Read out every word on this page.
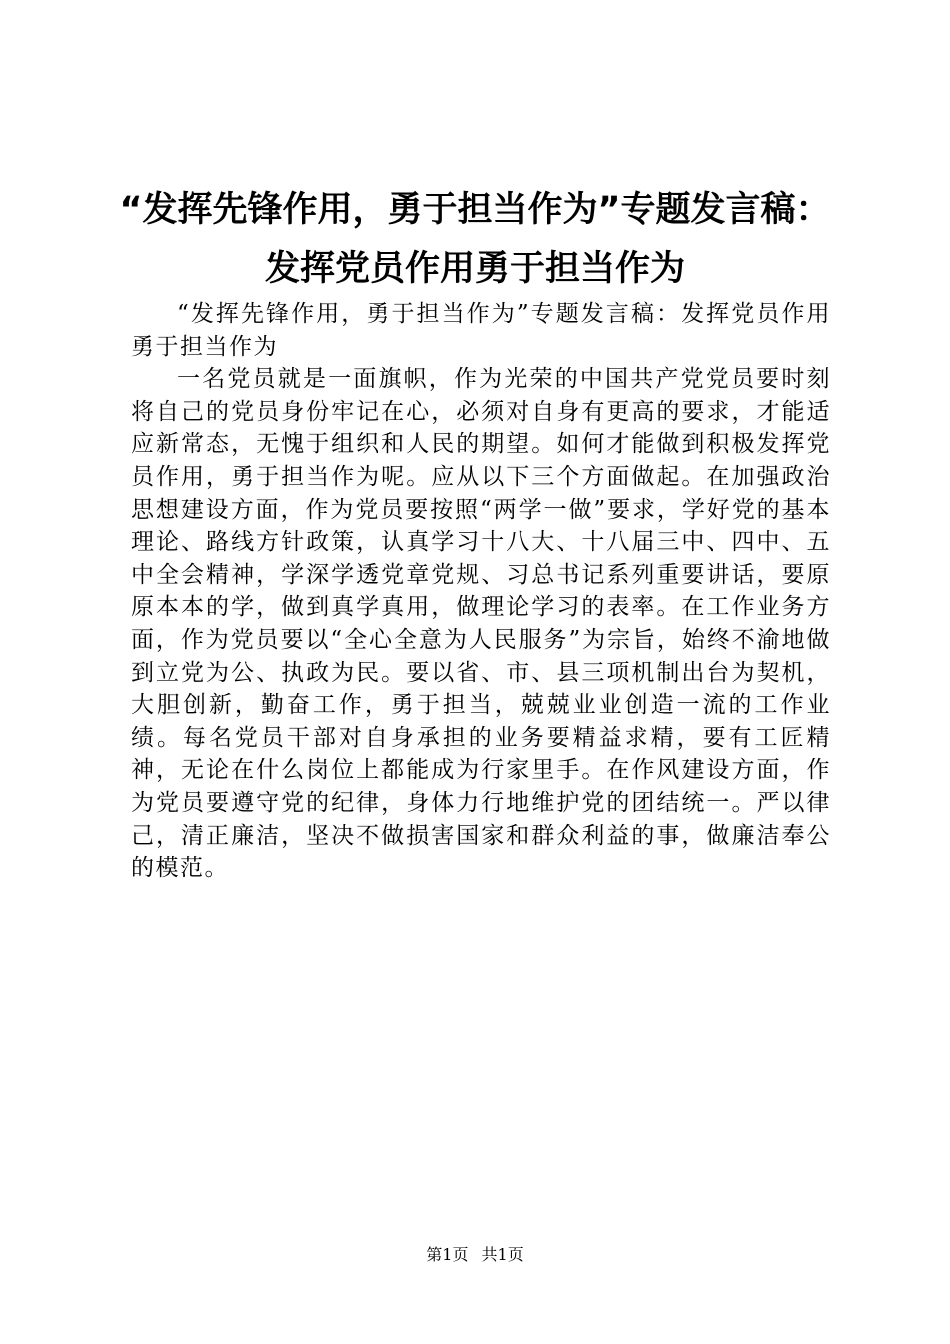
“发挥先锋作用，勇于担当作为”专题发言稿：
发挥党员作用勇于担当作为

“发挥先锋作用，勇于担当作为”专题发言稿：发挥党员作用勇于担当作为

一名党员就是一面旗帜，作为光荣的中国共产党党员要时刻将自己的党员身份牢记在心，必须对自身有更高的要求，才能适应新常态，无愧于组织和人民的期望。如何才能做到积极发挥党员作用，勇于担当作为呢。应从以下三个方面做起。在加强政治思想建设方面，作为党员要按照“两学一做”要求，学好党的基本理论、路线方针政策，认真学习十八大、十八届三中、四中、五中全会精神，学深学透党章党规、习总书记系列重要讲话，要原原本本的学，做到真学真用，做理论学习的表率。在工作业务方面，作为党员要以“全心全意为人民服务”为宗旨，始终不渝地做到立党为公、执政为民。要以省、市、县三项机制出台为契机，大胆创新，勤奋工作，勇于担当，兢兢业业创造一流的工作业绩。每名党员干部对自身承担的业务要精益求精，要有工匠精神，无论在什么岗位上都能成为行家里手。在作风建设方面，作为党员要遵守党的纪律，身体力行地维护党的团结统一。严以律己，清正廉洁，坚决不做损害国家和群众利益的事，做廉洁奉公的模范。

第1页 共1页
